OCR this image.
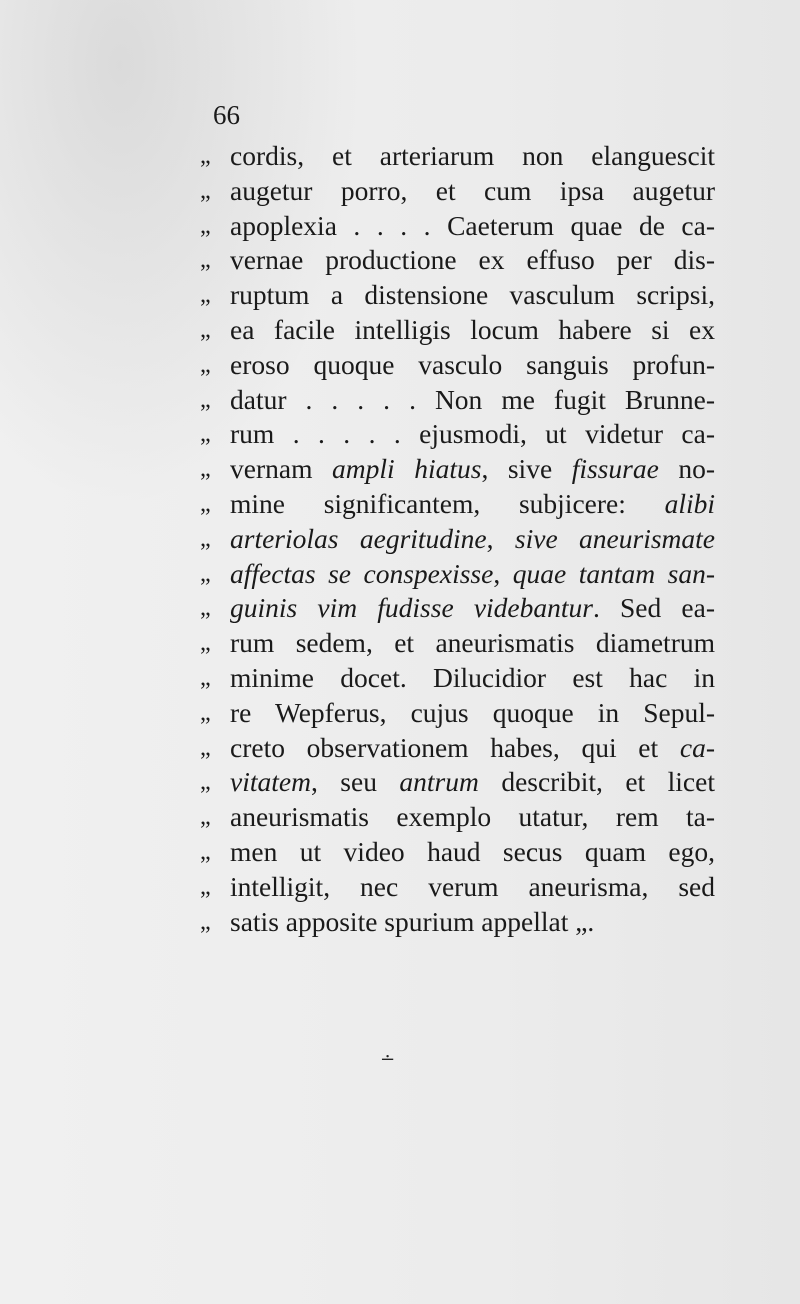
66
„ cordis, et arteriarum non elanguescit
„ augetur porro, et cum ipsa augetur
„ apoplexia . . . . Caeterum quae de ca-
„ vernae productione ex effuso per dis-
„ ruptum a distensione vasculum scripsi,
„ ea facile intelligis locum habere si ex
„ eroso quoque vasculo sanguis profun-
„ datur . . . . . Non me fugit Brunne-
„ rum . . . . . ejusmodi, ut videtur ca-
„ vernam ampli hiatus, sive fissurae no-
„ mine significantem, subjicere: alibi
„ arteriolas aegritudine, sive aneurismate
„ affectas se conspexisse, quae tantam san-
„ guinis vim fudisse videbantur. Sed ea-
„ rum sedem, et aneurismatis diametrum
„ minime docet. Dilucidior est hac in
„ re Wepferus, cujus quoque in Sepul-
„ creto observationem habes, qui et ca-
„ vitatem, seu antrum describit, et licet
„ aneurismatis exemplo utatur, rem ta-
„ men ut video haud secus quam ego,
„ intelligit, nec verum aneurisma, sed
„ satis apposite spurium appellat „.
∸
